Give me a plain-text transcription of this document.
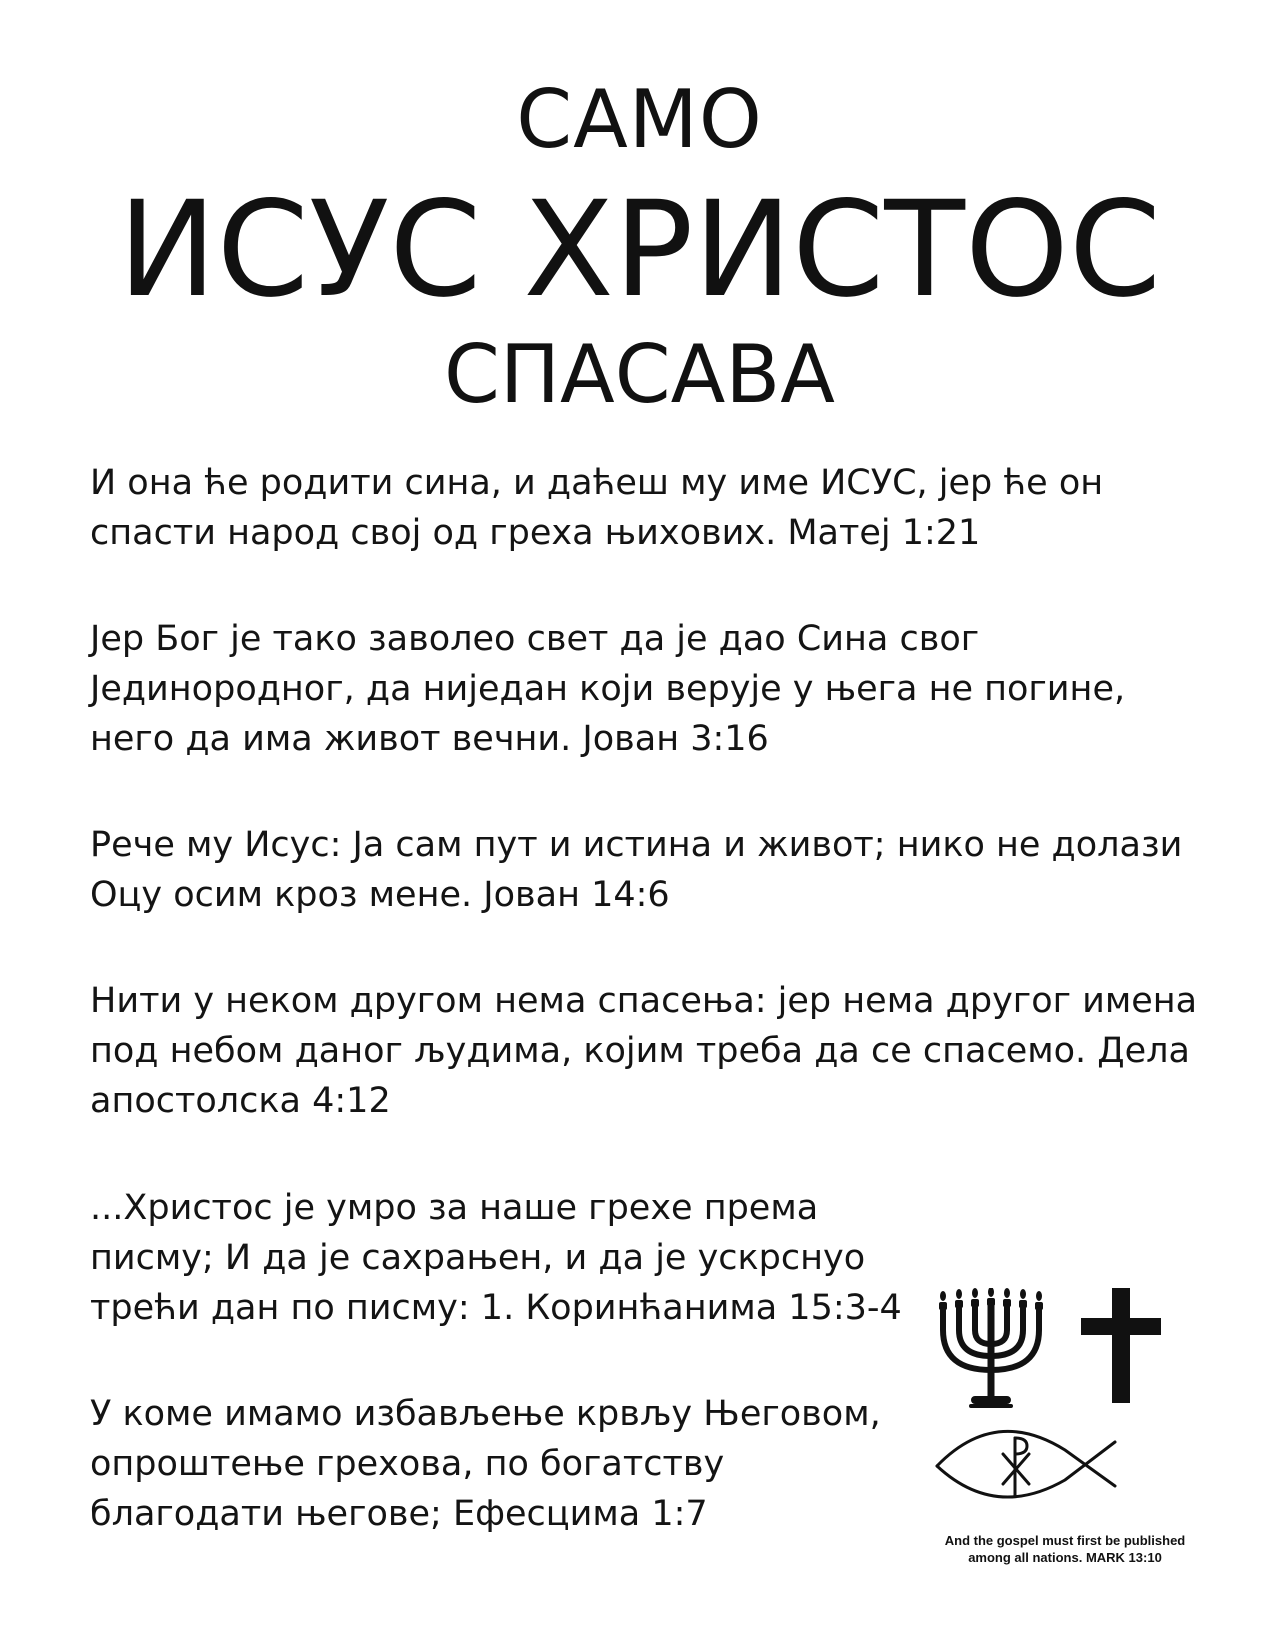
САМО
ИСУС ХРИСТОС
СПАСАВА

И она ће родити сина, и даћеш му име ИСУС, јер ће он спасти народ свој од греха њихових. Матеј 1:21

Јер Бог је тако заволео свет да је дао Сина свог Јединородног, да ниједан који верује у њега не погине, него да има живот вечни. Јован 3:16

Рече му Исус: Ја сам пут и истина и живот; нико не долази Оцу осим кроз мене. Јован 14:6

Нити у неком другом нема спасења: јер нема другог имена под небом даног људима, којим треба да се спасемо. Дела апостолска 4:12

...Христос је умро за наше грехе према писму; И да је сахрањен, и да је ускрснуо трећи дан по писму: 1. Коринћанима 15:3-4

У коме имамо избављење крвљу Његовом, опроштење грехова, по богатству благодати његове; Ефесцима 1:7

And the gospel must first be published
among all nations. MARK 13:10
